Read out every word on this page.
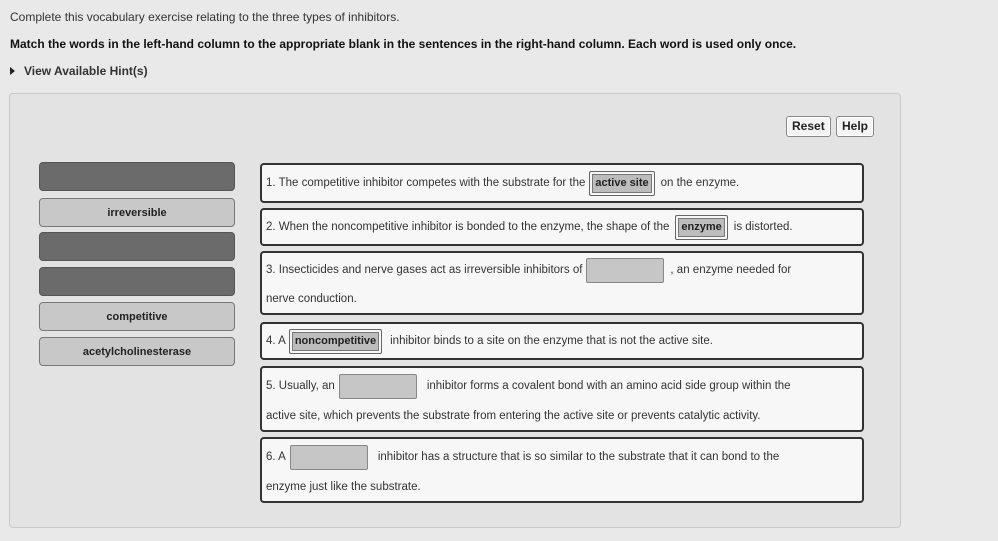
Complete this vocabulary exercise relating to the three types of inhibitors.
Match the words in the left-hand column to the appropriate blank in the sentences in the right-hand column. Each word is used only once.
View Available Hint(s)
Reset	Help
irreversible
competitive
acetylcholinesterase
1. The competitive inhibitor competes with the substrate for the active site	on the enzyme.
2. When the noncompetitive inhibitor is bonded to the enzyme, the shape of the	enzyme	is distorted.
3. Insecticides and nerve gases act as irreversible inhibitors of	, an enzyme needed for
nerve conduction.
4. A noncompetitive	inhibitor binds to a site on the enzyme that is not the active site.
5. Usually, an	inhibitor forms a covalent bond with an amino acid side group within the
active site, which prevents the substrate from entering the active site or prevents catalytic activity.
6. A	inhibitor has a structure that is so similar to the substrate that it can bond to the
enzyme just like the substrate.
